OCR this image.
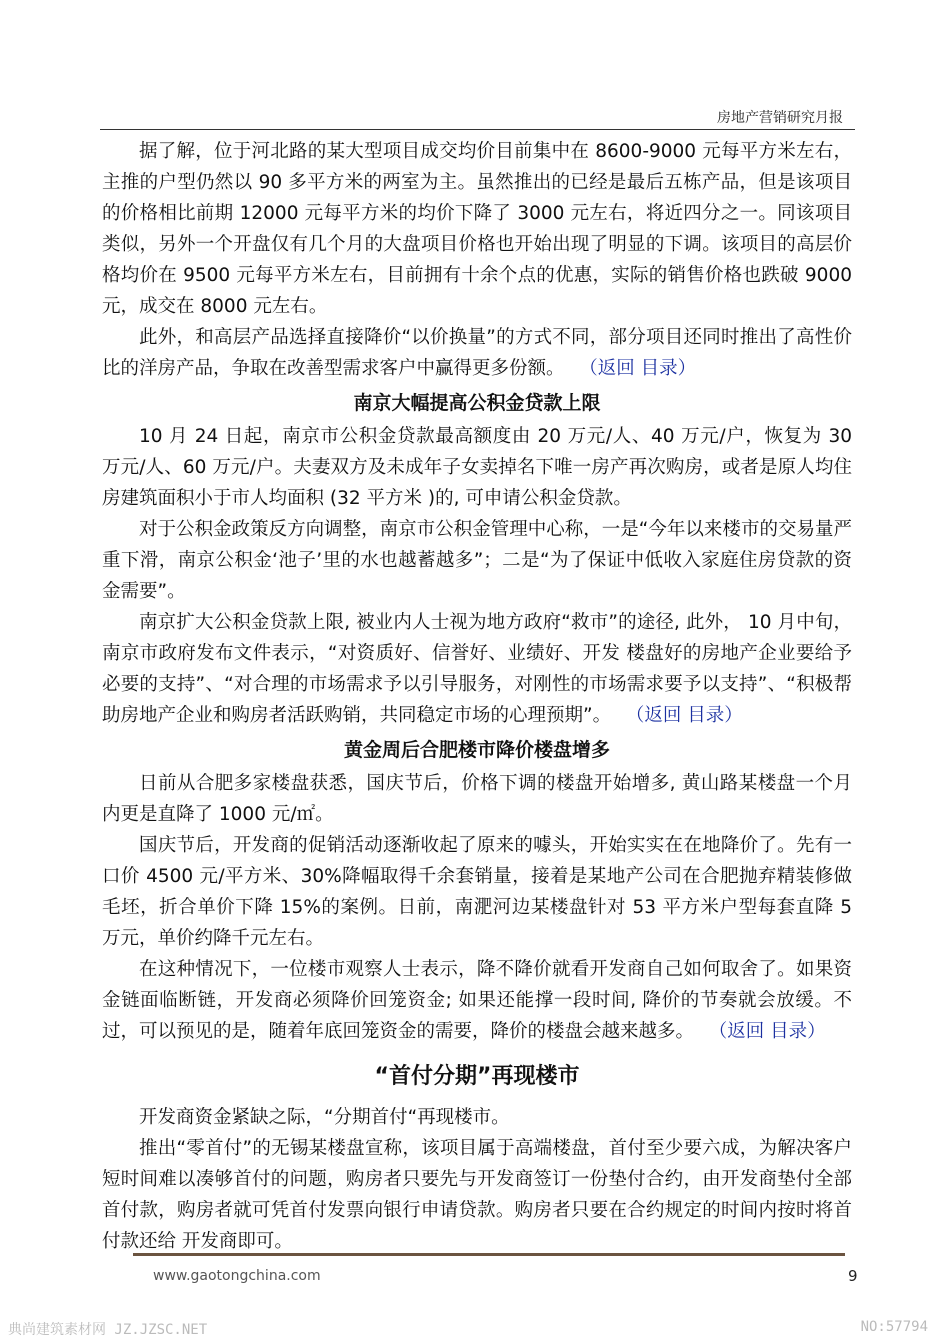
房地产营销研究月报

据了解，位于河北路的某大型项目成交均价目前集中在 8600-9000 元每平方米左右，主推的户型仍然以 90 多平方米的两室为主。虽然推出的已经是最后五栋产品，但是该项目的价格相比前期 12000 元每平方米的均价下降了 3000 元左右，将近四分之一。同该项目类似，另外一个开盘仅有几个月的大盘项目价格也开始出现了明显的下调。该项目的高层价格均价在 9500 元每平方米左右，目前拥有十余个点的优惠，实际的销售价格也跌破 9000 元，成交在 8000 元左右。

此外，和高层产品选择直接降价“以价换量”的方式不同，部分项目还同时推出了高性价比的洋房产品，争取在改善型需求客户中赢得更多份额。 （返回 目录）

南京大幅提高公积金贷款上限

10 月 24 日起，南京市公积金贷款最高额度由 20 万元/人、40 万元/户，恢复为 30 万元/人、60 万元/户。夫妻双方及未成年子女卖掉名下唯一房产再次购房，或者是原人均住房建筑面积小于市人均面积 (32 平方米 )的, 可申请公积金贷款。

对于公积金政策反方向调整，南京市公积金管理中心称，一是“今年以来楼市的交易量严重下滑，南京公积金‘池子’里的水也越蓄越多”；二是“为了保证中低收入家庭住房贷款的资金需要”。

南京扩大公积金贷款上限, 被业内人士视为地方政府“救市”的途径, 此外， 10 月中旬，南京市政府发布文件表示，“对资质好、信誉好、业绩好、开发 楼盘好的房地产企业要给予必要的支持”、“对合理的市场需求予以引导服务，对刚性的市场需求要予以支持”、“积极帮助房地产企业和购房者活跃购销，共同稳定市场的心理预期”。 （返回 目录）

黄金周后合肥楼市降价楼盘增多

日前从合肥多家楼盘获悉，国庆节后，价格下调的楼盘开始增多, 黄山路某楼盘一个月内更是直降了 1000 元/㎡。

国庆节后，开发商的促销活动逐渐收起了原来的噱头，开始实实在在地降价了。先有一口价 4500 元/平方米、30%降幅取得千余套销量，接着是某地产公司在合肥抛弃精装修做毛坯，折合单价下降 15%的案例。日前，南淝河边某楼盘针对 53 平方米户型每套直降 5 万元，单价约降千元左右。

在这种情况下，一位楼市观察人士表示，降不降价就看开发商自己如何取舍了。如果资金链面临断链，开发商必须降价回笼资金; 如果还能撑一段时间, 降价的节奏就会放缓。不过，可以预见的是，随着年底回笼资金的需要，降价的楼盘会越来越多。 （返回 目录）

“首付分期”再现楼市

开发商资金紧缺之际，“分期首付“再现楼市。

推出“零首付”的无锡某楼盘宣称，该项目属于高端楼盘，首付至少要六成，为解决客户短时间难以凑够首付的问题，购房者只要先与开发商签订一份垫付合约，由开发商垫付全部首付款，购房者就可凭首付发票向银行申请贷款。购房者只要在合约规定的时间内按时将首付款还给 开发商即可。

www.gaotongchina.com	9
典尚建筑素材网 JZ.JZSC.NET	NO:57794
